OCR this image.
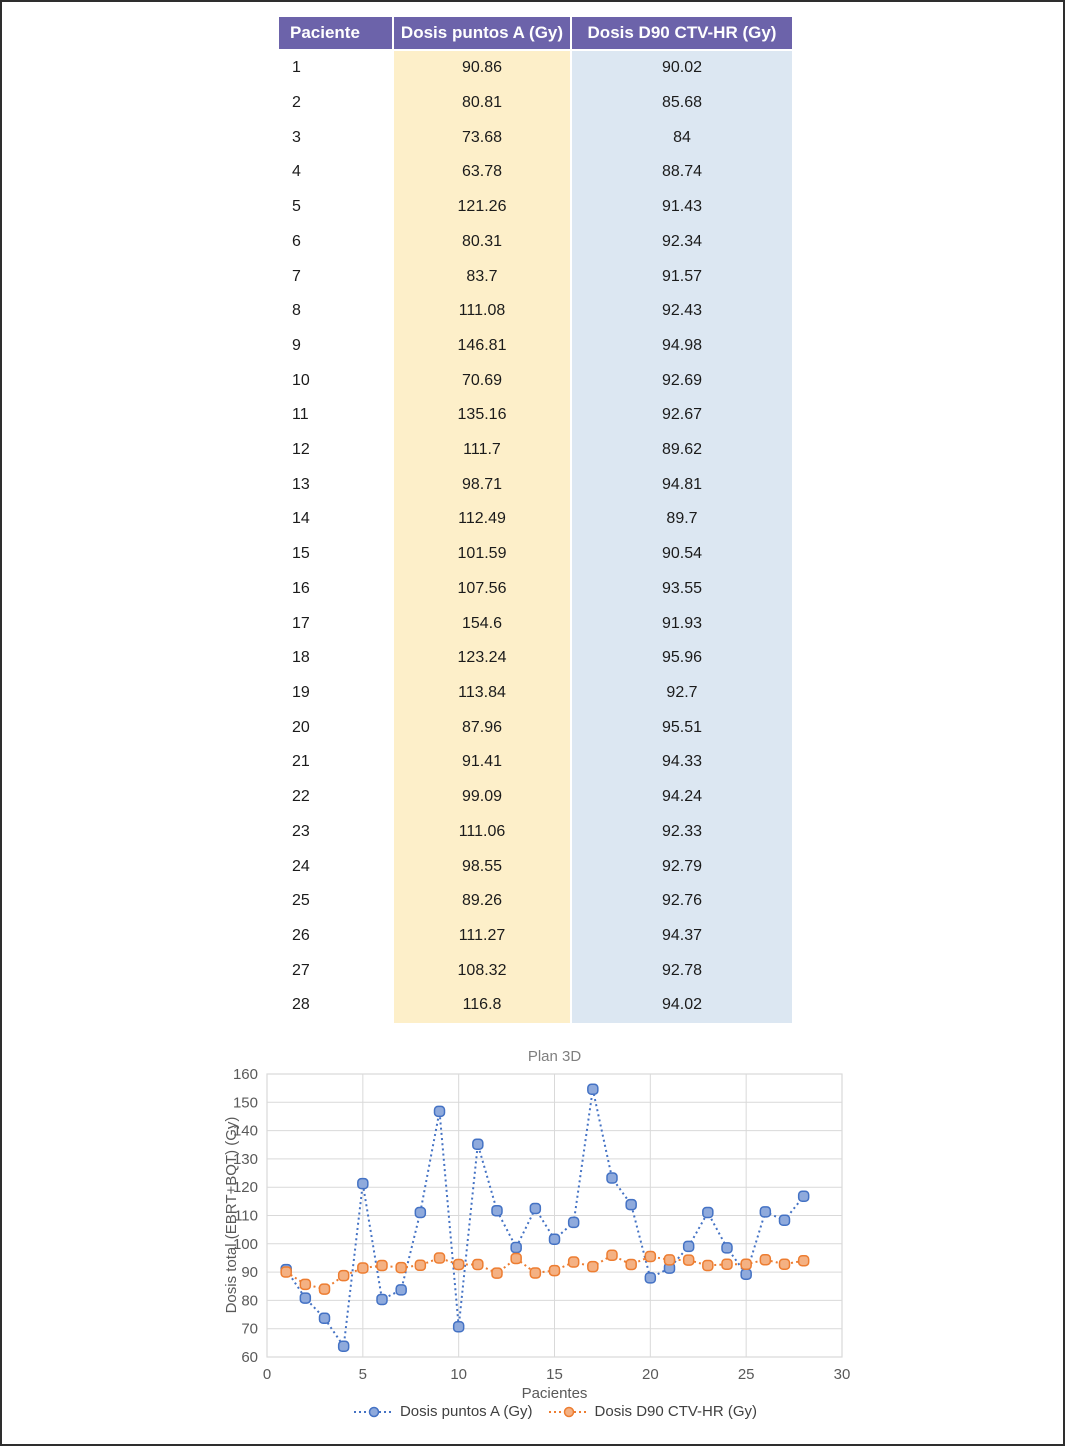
Paciente	Dosis puntos A (Gy)	Dosis D90 CTV-HR (Gy)
1	90.86	90.02
2	80.81	85.68
3	73.68	84
4	63.78	88.74
5	121.26	91.43
6	80.31	92.34
7	83.7	91.57
8	111.08	92.43
9	146.81	94.98
10	70.69	92.69
11	135.16	92.67
12	111.7	89.62
13	98.71	94.81
14	112.49	89.7
15	101.59	90.54
16	107.56	93.55
17	154.6	91.93
18	123.24	95.96
19	113.84	92.7
20	87.96	95.51
21	91.41	94.33
22	99.09	94.24
23	111.06	92.33
24	98.55	92.79
25	89.26	92.76
26	111.27	94.37
27	108.32	92.78
28	116.8	94.02
Plan 3D
0	5	10	15	20	25	30
60
70
80
90
100
110
120
130
140
150
160
Dosis total (EBRT+BQT) (Gy)
Pacientes
Dosis puntos A (Gy)	Dosis D90 CTV-HR (Gy)
